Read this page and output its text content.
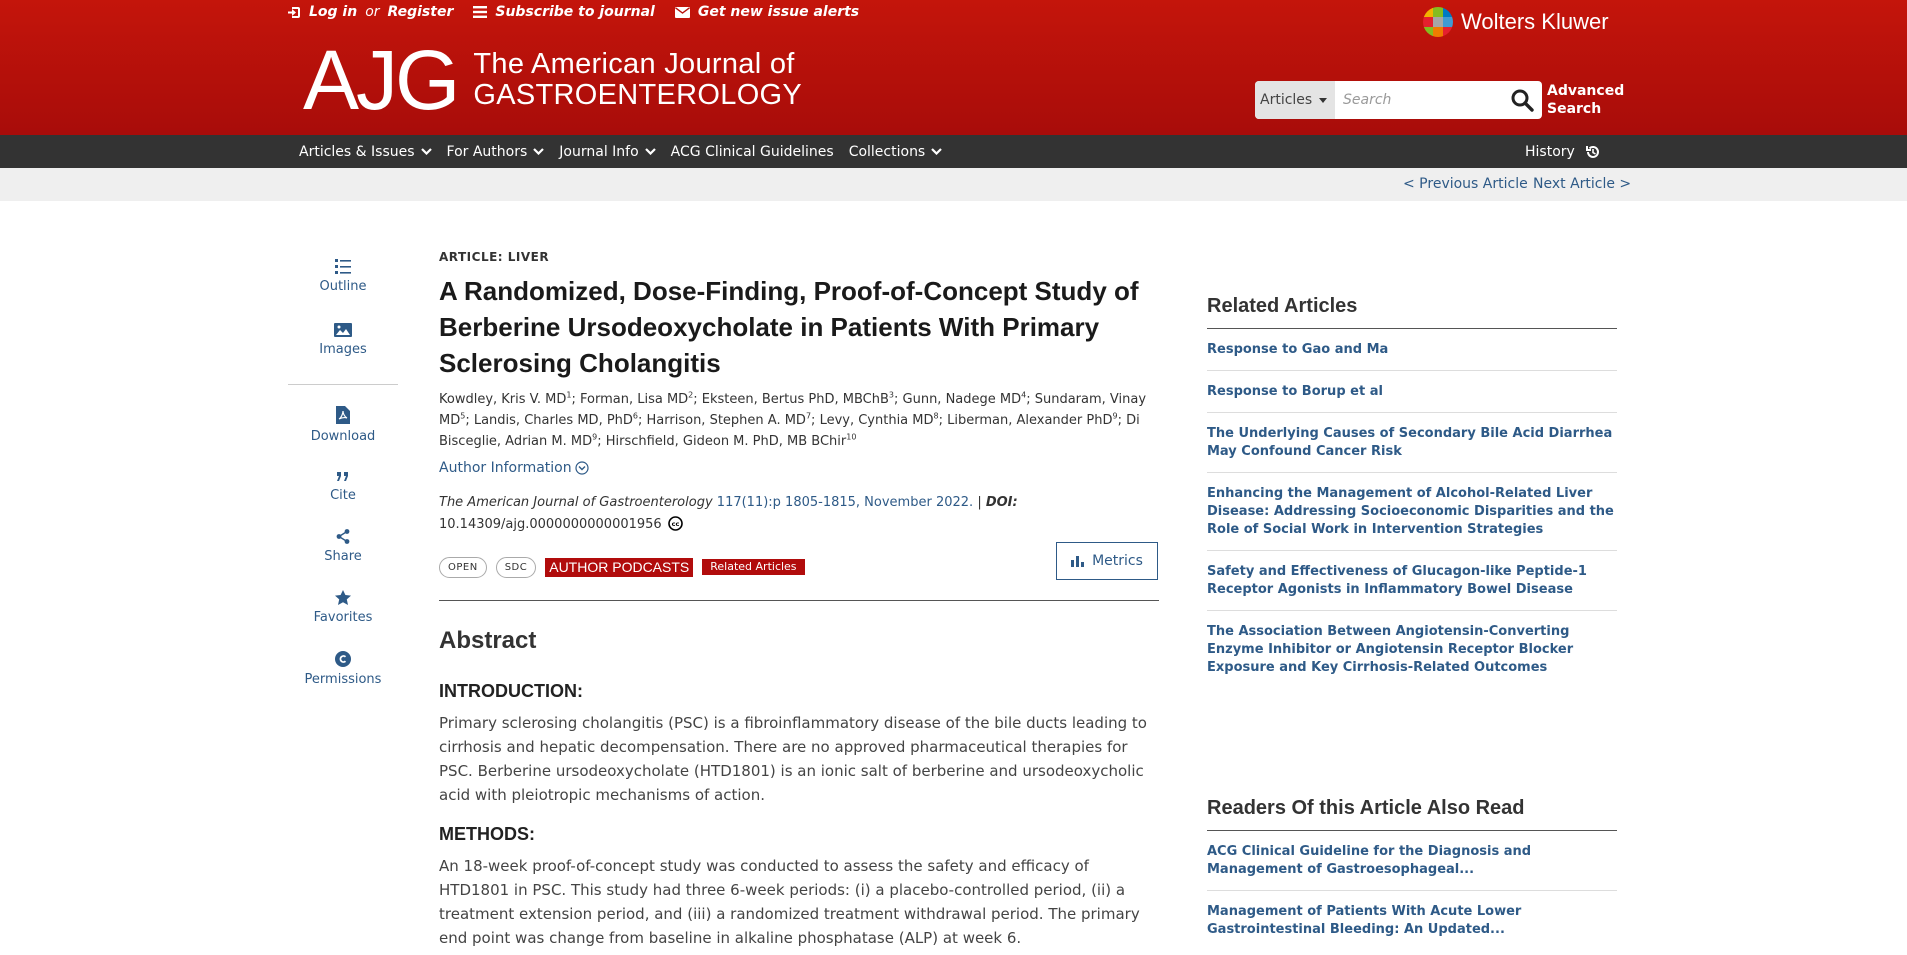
Log in or Register	Subscribe to journal	Get new issue alerts	Wolters Kluwer
AJG The American Journal of
GASTROENTEROLOGY	Articles	Search
Advanced
Search
Articles & Issues For Authors Journal Info ACG Clinical Guidelines Collections	History
< Previous Article Next Article >
Outline
Images
Download
Cite
Share
Favorites
Permissions
ARTICLE: LIVER
A Randomized, Dose-Finding, Proof-of-Concept Study of Berberine Ursodeoxycholate in Patients With Primary Sclerosing Cholangitis
Kowdley, Kris V. $MD^1$; Forman, Lisa $MD^2$; Eksteen, Bertus PhD, MBChB$^3$; Gunn, Nadege $MD^4$; Sundaram, Vinay $MD^5$; Landis, Charles MD, PhD$^6$; Harrison, Stephen A. $MD^7$; Levy, Cynthia $MD^8$; Liberman, Alexander PhD$^9$; Di Bisceglie, Adrian M. $MD^9$; Hirschfield, Gideon M. PhD, MB BChir$^{10}$
Author Information
The American Journal of Gastroenterology 117(11):p 1805-1815, November 2022. | DOI:
10.14309/ajg.0000000000001956 cc
OPEN	SDC	AUTHOR PODCASTS	Related Articles	Metrics
Abstract
INTRODUCTION:

Primary sclerosing cholangitis (PSC) is a fibroinflammatory disease of the bile ducts leading to cirrhosis and hepatic decompensation. There are no approved pharmaceutical therapies for PSC. Berberine ursodeoxycholate (HTD1801) is an ionic salt of berberine and ursodeoxycholic acid with pleiotropic mechanisms of action.

METHODS:

An 18-week proof-of-concept study was conducted to assess the safety and efficacy of HTD1801 in PSC. This study had three 6-week periods: (i) a placebo-controlled period, (ii) a treatment extension period, and (iii) a randomized treatment withdrawal period. The primary end point was change from baseline in alkaline phosphatase (ALP) at week 6.

Related Articles
Response to Gao and Ma
Response to Borup et al
The Underlying Causes of Secondary Bile Acid Diarrhea May Confound Cancer Risk
Enhancing the Management of Alcohol-Related Liver Disease: Addressing Socioeconomic Disparities and the Role of Social Work in Intervention Strategies
Safety and Effectiveness of Glucagon-like Peptide-1 Receptor Agonists in Inflammatory Bowel Disease
The Association Between Angiotensin-Converting Enzyme Inhibitor or Angiotensin Receptor Blocker Exposure and Key Cirrhosis-Related Outcomes
Readers Of this Article Also Read
ACG Clinical Guideline for the Diagnosis and Management of Gastroesophageal...
Management of Patients With Acute Lower Gastrointestinal Bleeding: An Updated...
